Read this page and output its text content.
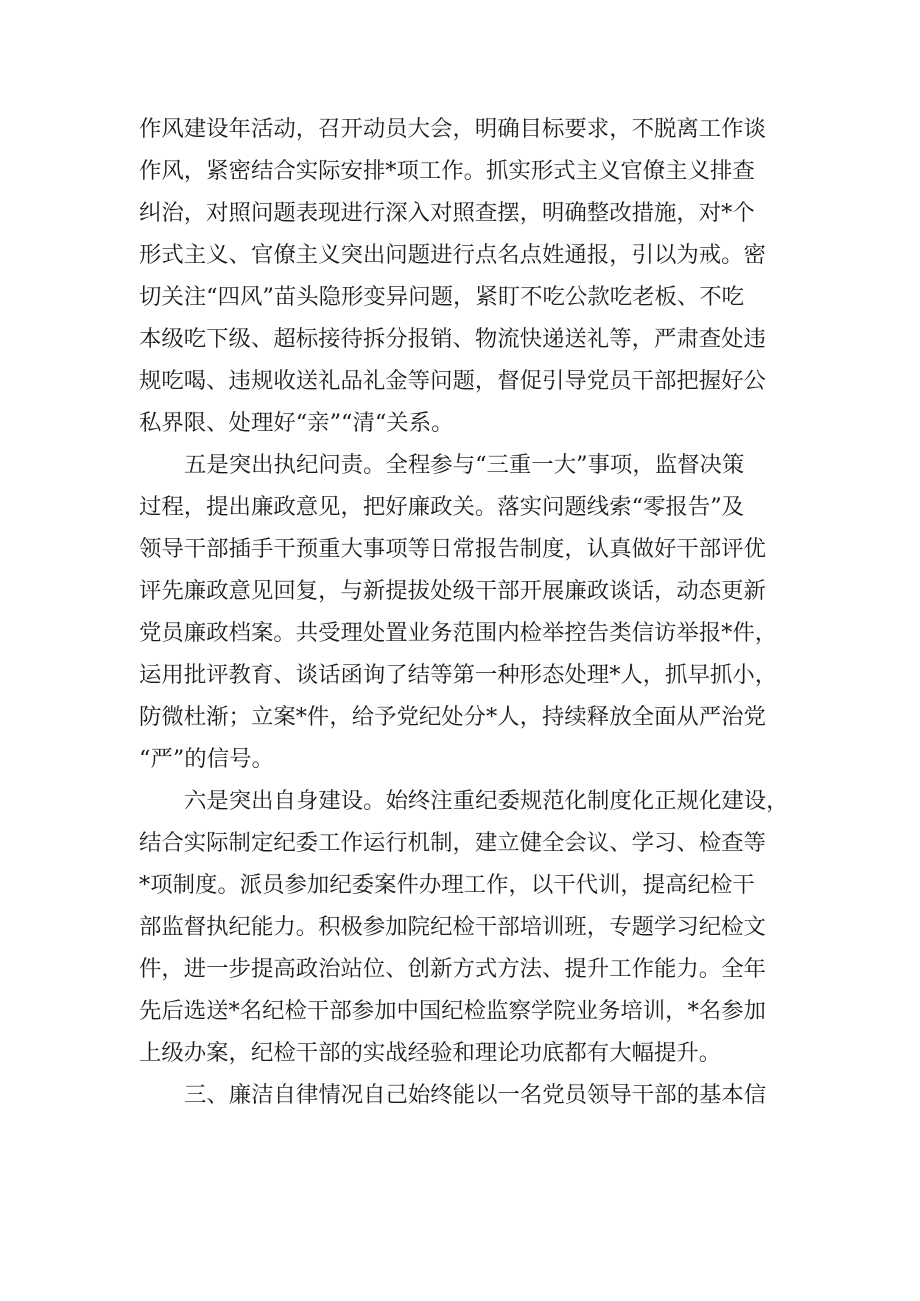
作风建设年活动，召开动员大会，明确目标要求，不脱离工作谈
作风，紧密结合实际安排*项工作。抓实形式主义官僚主义排查
纠治，对照问题表现进行深入对照查摆，明确整改措施，对*个
形式主义、官僚主义突出问题进行点名点姓通报，引以为戒。密
切关注“四风”苗头隐形变异问题，紧盯不吃公款吃老板、不吃
本级吃下级、超标接待拆分报销、物流快递送礼等，严肃查处违
规吃喝、违规收送礼品礼金等问题，督促引导党员干部把握好公
私界限、处理好“亲”“清“关系。
五是突出执纪问责。全程参与“三重一大”事项，监督决策
过程，提出廉政意见，把好廉政关。落实问题线索“零报告”及
领导干部插手干预重大事项等日常报告制度，认真做好干部评优
评先廉政意见回复，与新提拔处级干部开展廉政谈话，动态更新
党员廉政档案。共受理处置业务范围内检举控告类信访举报*件，
运用批评教育、谈话函询了结等第一种形态处理*人，抓早抓小，
防微杜渐；立案*件，给予党纪处分*人，持续释放全面从严治党
“严”的信号。
六是突出自身建设。始终注重纪委规范化制度化正规化建设，
结合实际制定纪委工作运行机制，建立健全会议、学习、检查等
*项制度。派员参加纪委案件办理工作，以干代训，提高纪检干
部监督执纪能力。积极参加院纪检干部培训班，专题学习纪检文
件，进一步提高政治站位、创新方式方法、提升工作能力。全年
先后选送*名纪检干部参加中国纪检监察学院业务培训，*名参加
上级办案，纪检干部的实战经验和理论功底都有大幅提升。
三、廉洁自律情况自己始终能以一名党员领导干部的基本信
